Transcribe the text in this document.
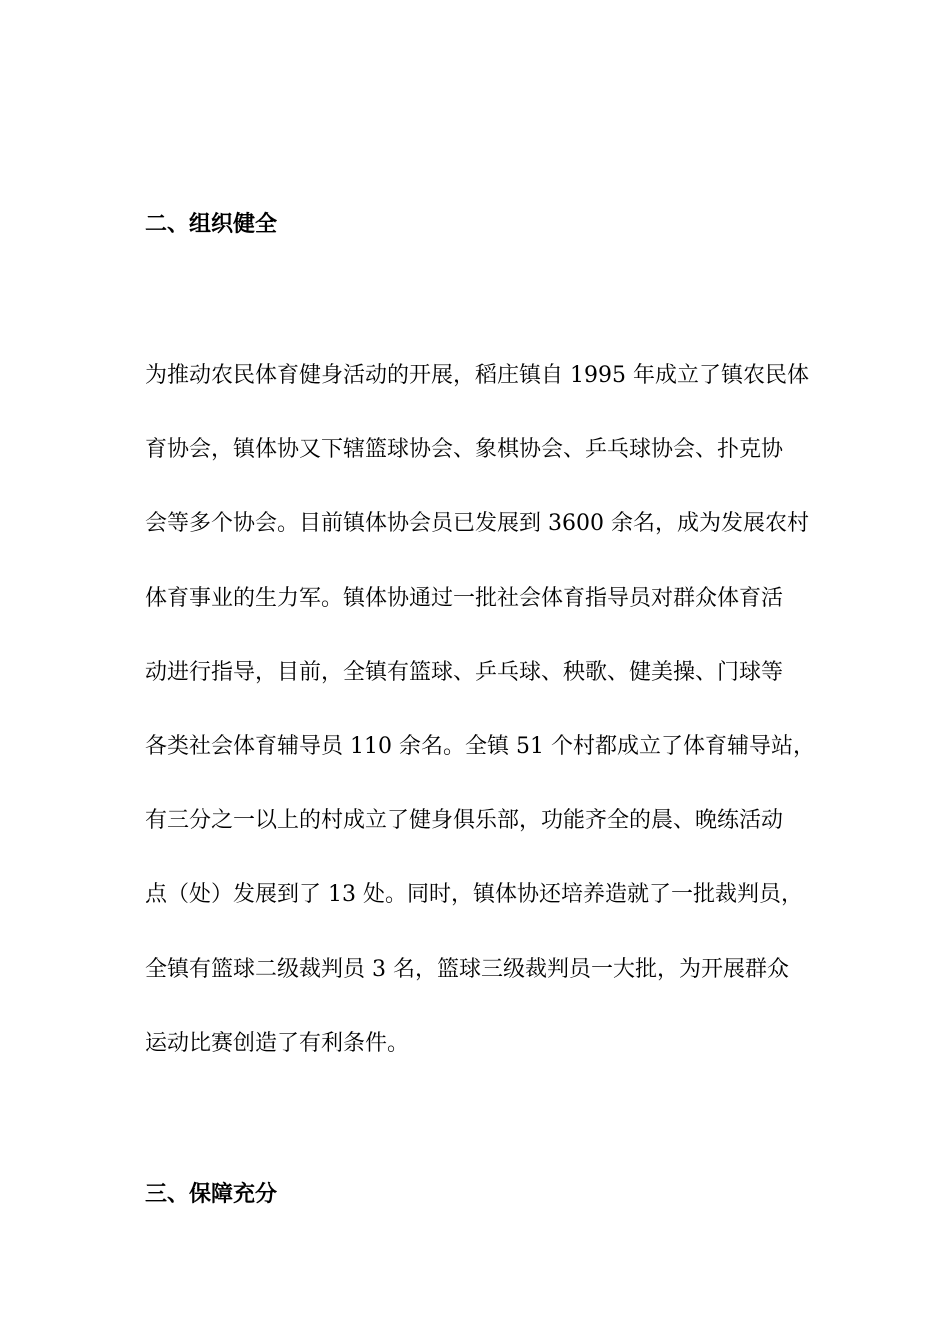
二、组织健全
为推动农民体育健身活动的开展，稻庄镇自 1995 年成立了镇农民体
育协会，镇体协又下辖篮球协会、象棋协会、乒乓球协会、扑克协
会等多个协会。目前镇体协会员已发展到 3600 余名，成为发展农村
体育事业的生力军。镇体协通过一批社会体育指导员对群众体育活
动进行指导，目前，全镇有篮球、乒乓球、秧歌、健美操、门球等
各类社会体育辅导员 110 余名。全镇 51 个村都成立了体育辅导站，
有三分之一以上的村成立了健身俱乐部，功能齐全的晨、晚练活动
点（处）发展到了 13 处。同时，镇体协还培养造就了一批裁判员，
全镇有篮球二级裁判员 3 名，篮球三级裁判员一大批，为开展群众
运动比赛创造了有利条件。
三、保障充分
